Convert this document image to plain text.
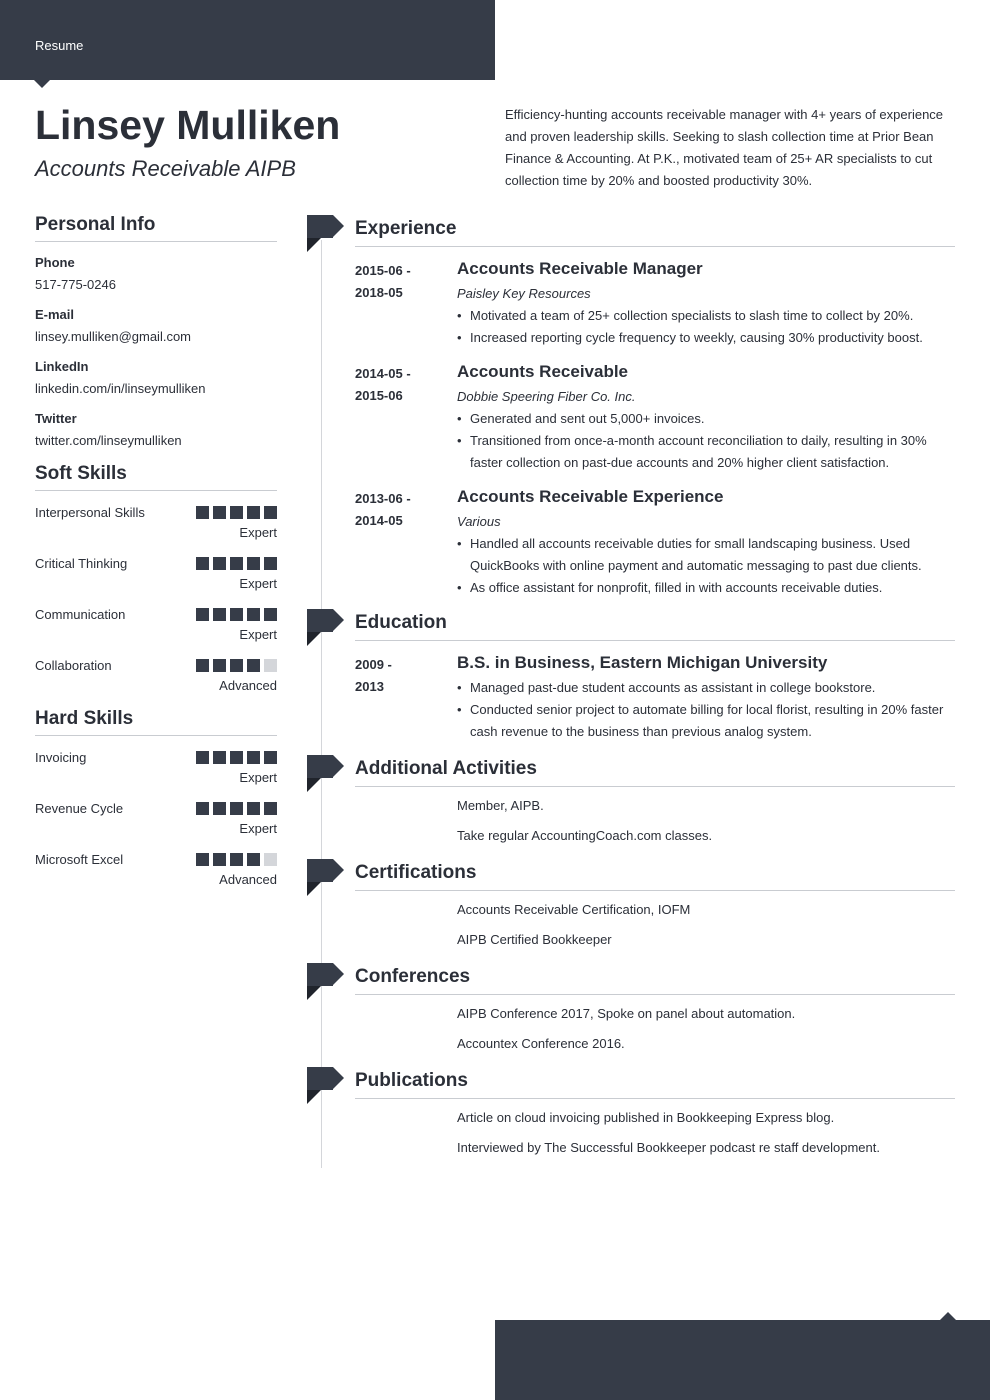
Resume
Linsey Mulliken
Accounts Receivable AIPB
Efficiency-hunting accounts receivable manager with 4+ years of experience and proven leadership skills. Seeking to slash collection time at Prior Bean Finance & Accounting. At P.K., motivated team of 25+ AR specialists to cut collection time by 20% and boosted productivity 30%.
Personal Info
Phone
517-775-0246
E-mail
linsey.mulliken@gmail.com
LinkedIn
linkedin.com/in/linseymulliken
Twitter
twitter.com/linseymulliken
Soft Skills
Interpersonal Skills
Expert
Critical Thinking
Expert
Communication
Expert
Collaboration
Advanced
Hard Skills
Invoicing
Expert
Revenue Cycle
Expert
Microsoft Excel
Advanced
Experience
2015-06 -
2018-05
Accounts Receivable Manager
Paisley Key Resources
• Motivated a team of 25+ collection specialists to slash time to collect by 20%.
• Increased reporting cycle frequency to weekly, causing 30% productivity boost.
2014-05 -
2015-06
Accounts Receivable
Dobbie Speering Fiber Co. Inc.
• Generated and sent out 5,000+ invoices.
• Transitioned from once-a-month account reconciliation to daily, resulting in 30% faster collection on past-due accounts and 20% higher client satisfaction.
2013-06 -
2014-05
Accounts Receivable Experience
Various
• Handled all accounts receivable duties for small landscaping business. Used QuickBooks with online payment and automatic messaging to past due clients.
• As office assistant for nonprofit, filled in with accounts receivable duties.
Education
2009 -
2013
B.S. in Business, Eastern Michigan University
• Managed past-due student accounts as assistant in college bookstore.
• Conducted senior project to automate billing for local florist, resulting in 20% faster cash revenue to the business than previous analog system.
Additional Activities
Member, AIPB.
Take regular AccountingCoach.com classes.
Certifications
Accounts Receivable Certification, IOFM
AIPB Certified Bookkeeper
Conferences
AIPB Conference 2017, Spoke on panel about automation.
Accountex Conference 2016.
Publications
Article on cloud invoicing published in Bookkeeping Express blog.
Interviewed by The Successful Bookkeeper podcast re staff development.
